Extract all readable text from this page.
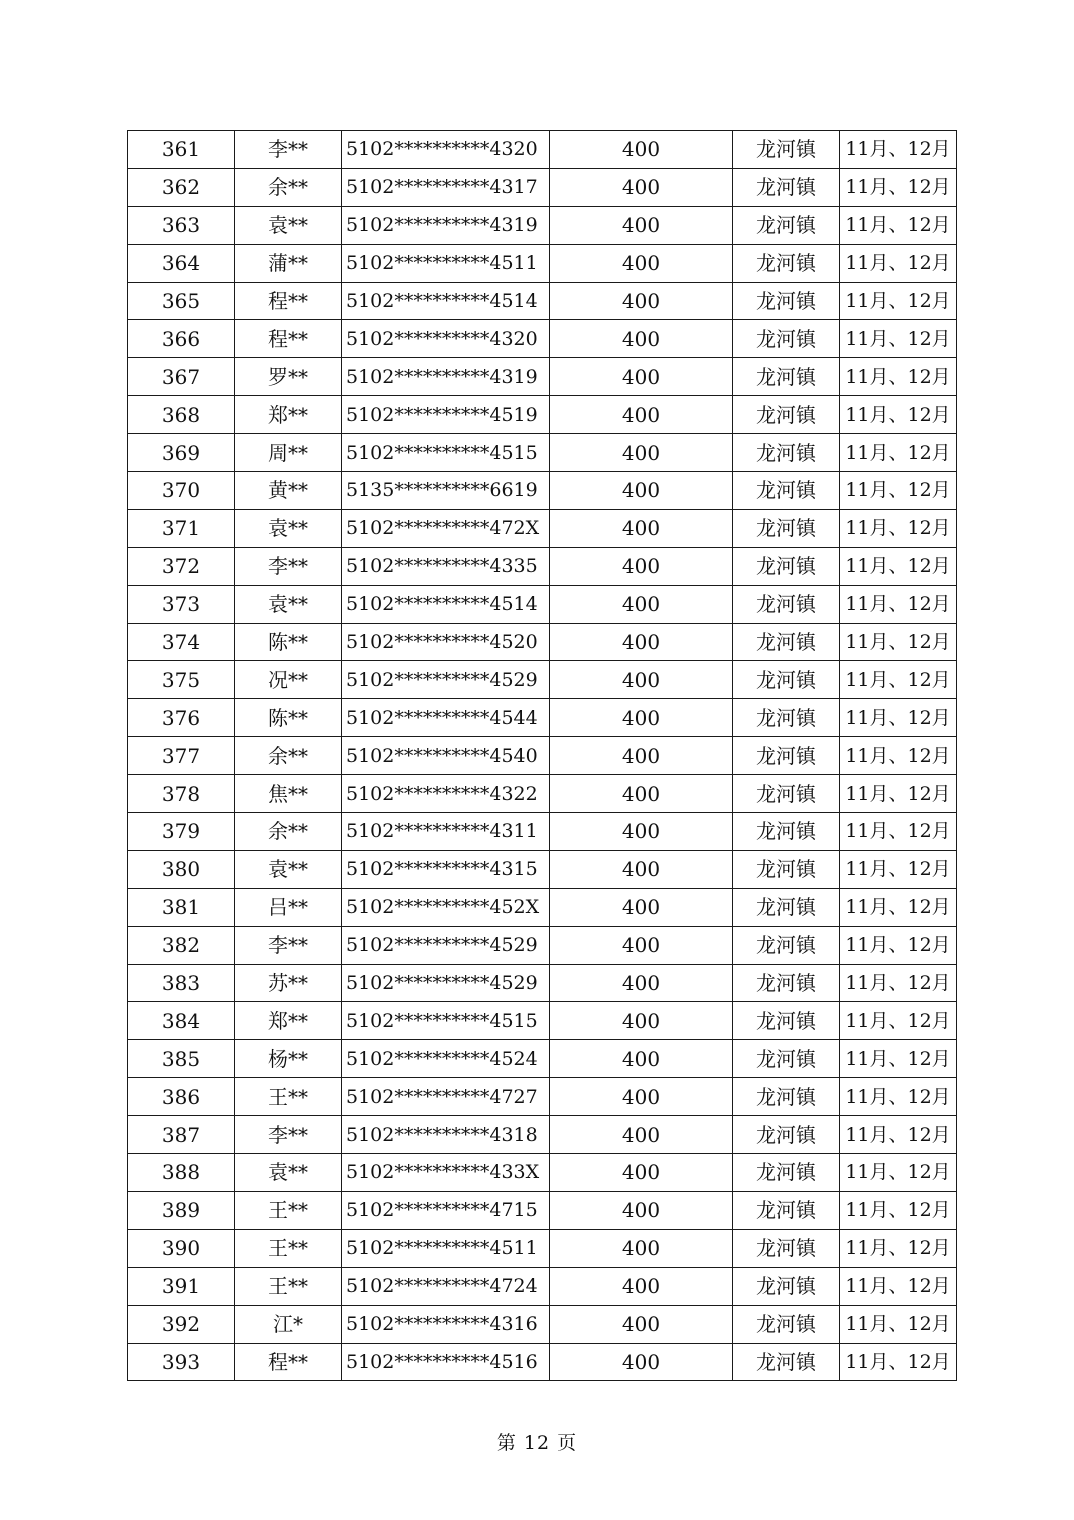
361	李**	5102**********4320	400	龙河镇	11月、12月
362	余**	5102**********4317	400	龙河镇	11月、12月
363	袁**	5102**********4319	400	龙河镇	11月、12月
364	蒲**	5102**********4511	400	龙河镇	11月、12月
365	程**	5102**********4514	400	龙河镇	11月、12月
366	程**	5102**********4320	400	龙河镇	11月、12月
367	罗**	5102**********4319	400	龙河镇	11月、12月
368	郑**	5102**********4519	400	龙河镇	11月、12月
369	周**	5102**********4515	400	龙河镇	11月、12月
370	黄**	5135**********6619	400	龙河镇	11月、12月
371	袁**	5102**********472X	400	龙河镇	11月、12月
372	李**	5102**********4335	400	龙河镇	11月、12月
373	袁**	5102**********4514	400	龙河镇	11月、12月
374	陈**	5102**********4520	400	龙河镇	11月、12月
375	况**	5102**********4529	400	龙河镇	11月、12月
376	陈**	5102**********4544	400	龙河镇	11月、12月
377	余**	5102**********4540	400	龙河镇	11月、12月
378	焦**	5102**********4322	400	龙河镇	11月、12月
379	余**	5102**********4311	400	龙河镇	11月、12月
380	袁**	5102**********4315	400	龙河镇	11月、12月
381	吕**	5102**********452X	400	龙河镇	11月、12月
382	李**	5102**********4529	400	龙河镇	11月、12月
383	苏**	5102**********4529	400	龙河镇	11月、12月
384	郑**	5102**********4515	400	龙河镇	11月、12月
385	杨**	5102**********4524	400	龙河镇	11月、12月
386	王**	5102**********4727	400	龙河镇	11月、12月
387	李**	5102**********4318	400	龙河镇	11月、12月
388	袁**	5102**********433X	400	龙河镇	11月、12月
389	王**	5102**********4715	400	龙河镇	11月、12月
390	王**	5102**********4511	400	龙河镇	11月、12月
391	王**	5102**********4724	400	龙河镇	11月、12月
392	江*	5102**********4316	400	龙河镇	11月、12月
393	程**	5102**********4516	400	龙河镇	11月、12月
第 12 页
